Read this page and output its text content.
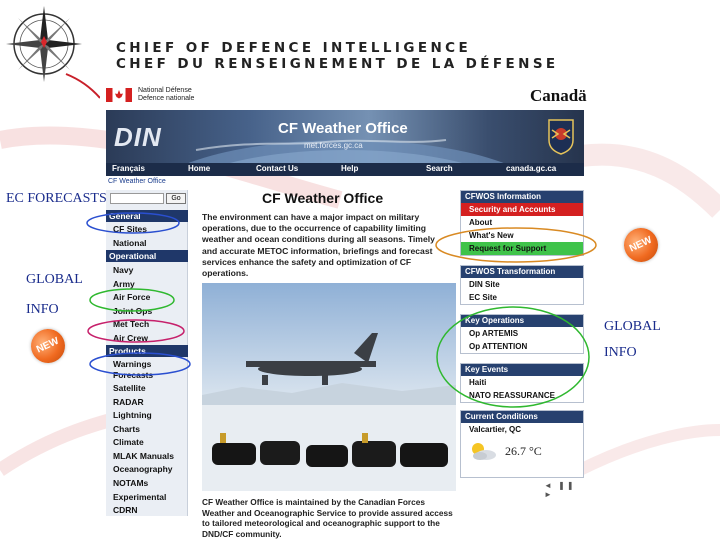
CHIEF OF DEFENCE INTELLIGENCE
CHEF DU RENSEIGNEMENT DE LA DÉFENSE
National Défense
Defence nationale	Canadä
DIN	CF Weather Office
met.forces.gc.ca
Français	Home	Contact Us	Help	Search	canada.gc.ca
CF Weather Office
Go
General
CF Sites
National
Operational
Navy
Army
Air Force
Joint Ops
Met Tech
Air Crew
Products
Warnings
Forecasts
Satellite
RADAR
Lightning
Charts
Climate
MLAK Manuals
Oceanography
NOTAMs
Experimental
CDRN
CF Weather Office
The environment can have a major impact on military operations, due to the occurrence of capability limiting weather and ocean conditions during all seasons. Timely and accurate METOC information, briefings and forecast services enhance the safety and optimization of CF operations.
CF Weather Office is maintained by the Canadian Forces Weather and Oceanographic Service to provide assured access to tailored meteorological and oceanographic support to the DND/CF community.
CFWOS Information
Security and Accounts
About
What's New
Request for Support
CFWOS Transformation
DIN Site
EC Site
Key Operations
Op ARTEMIS
Op ATTENTION
Key Events
Haiti
NATO REASSURANCE
Current Conditions
Valcartier, QC
26.7 °C
◄ ❚❚ ►
EC FORECASTS
GLOBAL
INFO
GLOBAL
INFO
NEW
NEW
